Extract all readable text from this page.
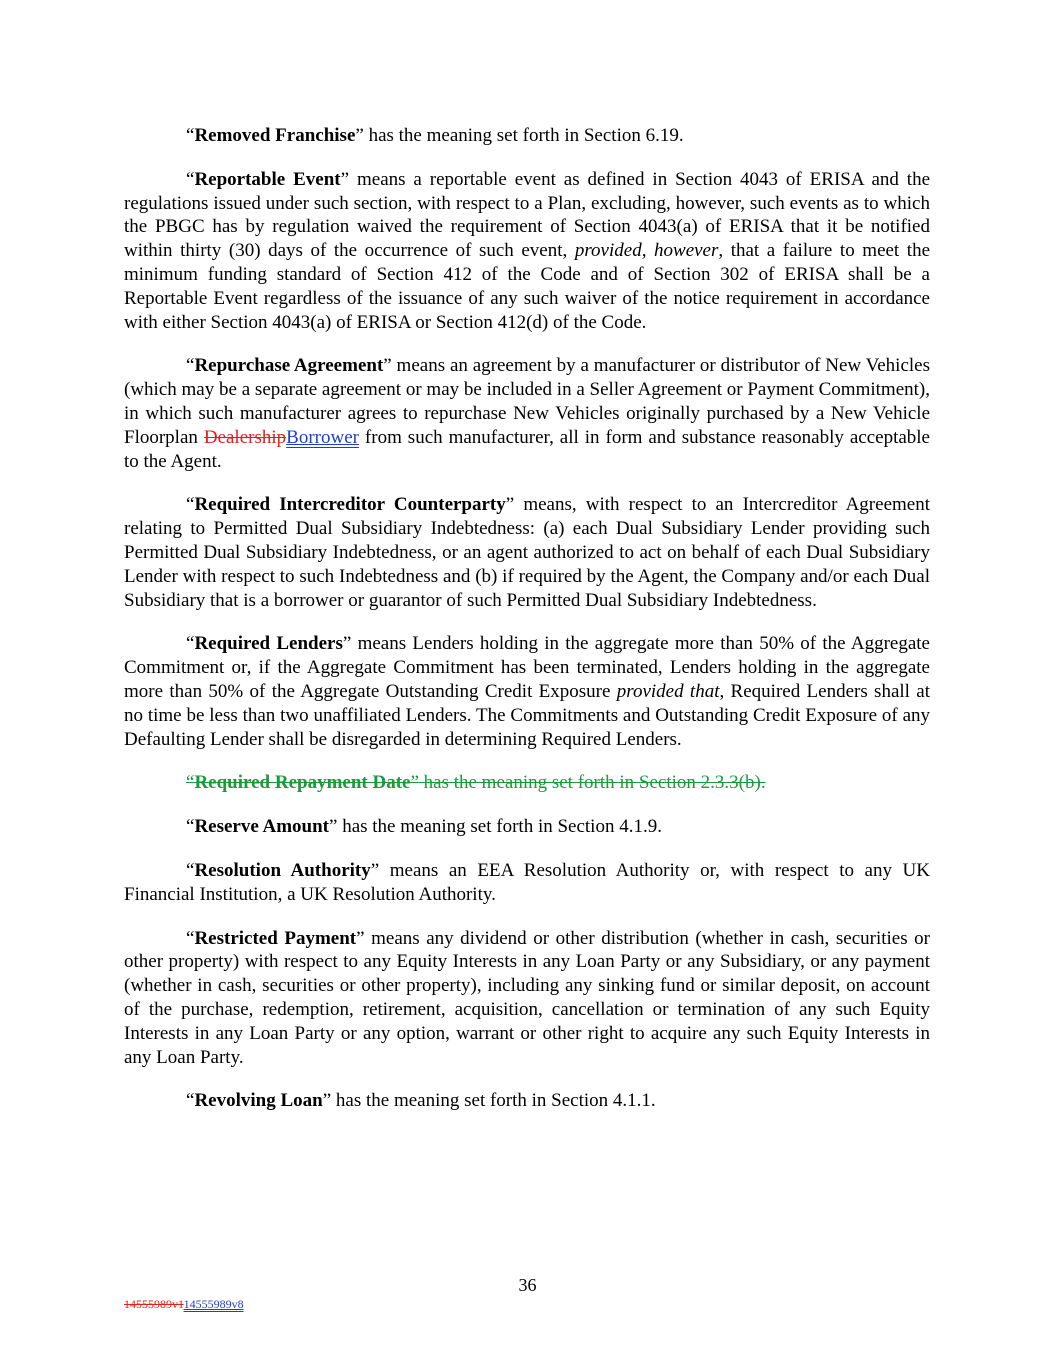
“Removed Franchise” has the meaning set forth in Section 6.19.

“Reportable Event” means a reportable event as defined in Section 4043 of ERISA and the regulations issued under such section, with respect to a Plan, excluding, however, such events as to which the PBGC has by regulation waived the requirement of Section 4043(a) of ERISA that it be notified within thirty (30) days of the occurrence of such event, provided, however, that a failure to meet the minimum funding standard of Section 412 of the Code and of Section 302 of ERISA shall be a Reportable Event regardless of the issuance of any such waiver of the notice requirement in accordance with either Section 4043(a) of ERISA or Section 412(d) of the Code.

“Repurchase Agreement” means an agreement by a manufacturer or distributor of New Vehicles (which may be a separate agreement or may be included in a Seller Agreement or Payment Commitment), in which such manufacturer agrees to repurchase New Vehicles originally purchased by a New Vehicle Floorplan DealershipBorrower from such manufacturer, all in form and substance reasonably acceptable to the Agent.

“Required Intercreditor Counterparty” means, with respect to an Intercreditor Agreement relating to Permitted Dual Subsidiary Indebtedness: (a) each Dual Subsidiary Lender providing such Permitted Dual Subsidiary Indebtedness, or an agent authorized to act on behalf of each Dual Subsidiary Lender with respect to such Indebtedness and (b) if required by the Agent, the Company and/or each Dual Subsidiary that is a borrower or guarantor of such Permitted Dual Subsidiary Indebtedness.

“Required Lenders” means Lenders holding in the aggregate more than 50% of the Aggregate Commitment or, if the Aggregate Commitment has been terminated, Lenders holding in the aggregate more than 50% of the Aggregate Outstanding Credit Exposure provided that, Required Lenders shall at no time be less than two unaffiliated Lenders. The Commitments and Outstanding Credit Exposure of any Defaulting Lender shall be disregarded in determining Required Lenders.

“Required Repayment Date” has the meaning set forth in Section 2.3.3(b).

“Reserve Amount” has the meaning set forth in Section 4.1.9.

“Resolution Authority” means an EEA Resolution Authority or, with respect to any UK Financial Institution, a UK Resolution Authority.

“Restricted Payment” means any dividend or other distribution (whether in cash, securities or other property) with respect to any Equity Interests in any Loan Party or any Subsidiary, or any payment (whether in cash, securities or other property), including any sinking fund or similar deposit, on account of the purchase, redemption, retirement, acquisition, cancellation or termination of any such Equity Interests in any Loan Party or any option, warrant or other right to acquire any such Equity Interests in any Loan Party.

“Revolving Loan” has the meaning set forth in Section 4.1.1.

36
14555989v114555989v8
